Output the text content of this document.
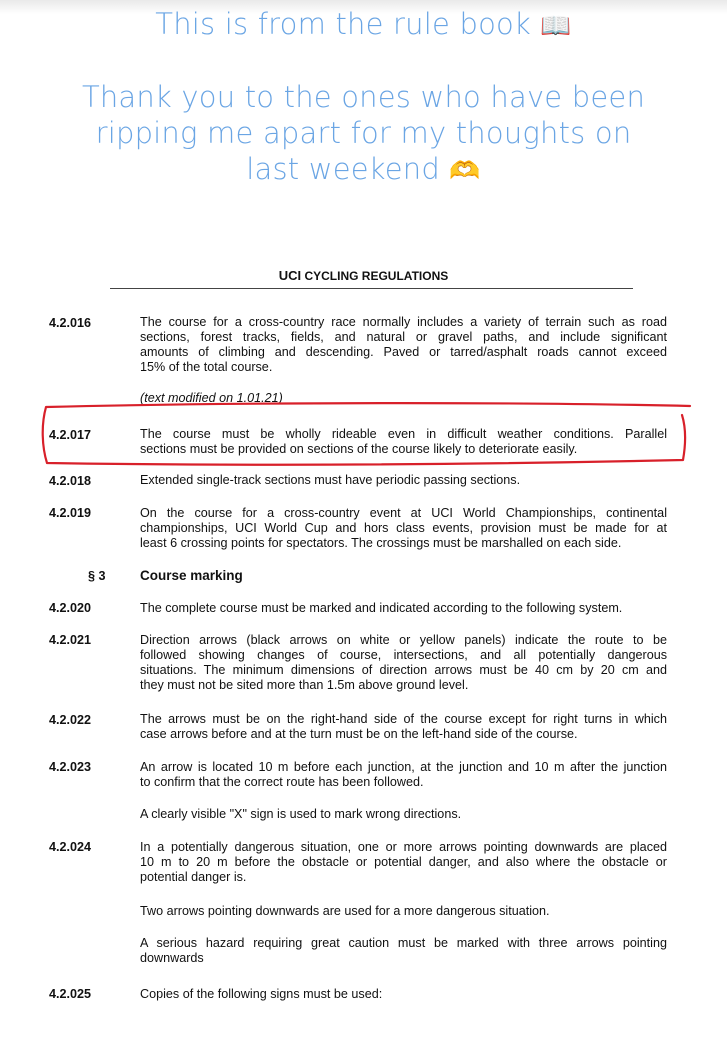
This is from the rule book 📖
Thank you to the ones who have been
ripping me apart for my thoughts on
last weekend 🫶
UCI CYCLING REGULATIONS
4.2.016	The course for a cross-country race normally includes a variety of terrain such as road
sections, forest tracks, fields, and natural or gravel paths, and include significant
amounts of climbing and descending. Paved or tarred/asphalt roads cannot exceed
15% of the total course.
(text modified on 1.01.21)
4.2.017	The course must be wholly rideable even in difficult weather conditions. Parallel
sections must be provided on sections of the course likely to deteriorate easily.
4.2.018	Extended single-track sections must have periodic passing sections.
4.2.019	On the course for a cross-country event at UCI World Championships, continental
championships, UCI World Cup and hors class events, provision must be made for at
least 6 crossing points for spectators. The crossings must be marshalled on each side.
§ 3	Course marking
4.2.020	The complete course must be marked and indicated according to the following system.
4.2.021	Direction arrows (black arrows on white or yellow panels) indicate the route to be
followed showing changes of course, intersections, and all potentially dangerous
situations. The minimum dimensions of direction arrows must be 40 cm by 20 cm and
they must not be sited more than 1.5m above ground level.
4.2.022	The arrows must be on the right-hand side of the course except for right turns in which
case arrows before and at the turn must be on the left-hand side of the course.
4.2.023	An arrow is located 10 m before each junction, at the junction and 10 m after the junction
to confirm that the correct route has been followed.
A clearly visible "X" sign is used to mark wrong directions.
4.2.024	In a potentially dangerous situation, one or more arrows pointing downwards are placed
10 m to 20 m before the obstacle or potential danger, and also where the obstacle or
potential danger is.
Two arrows pointing downwards are used for a more dangerous situation.
A serious hazard requiring great caution must be marked with three arrows pointing
downwards
4.2.025	Copies of the following signs must be used:
